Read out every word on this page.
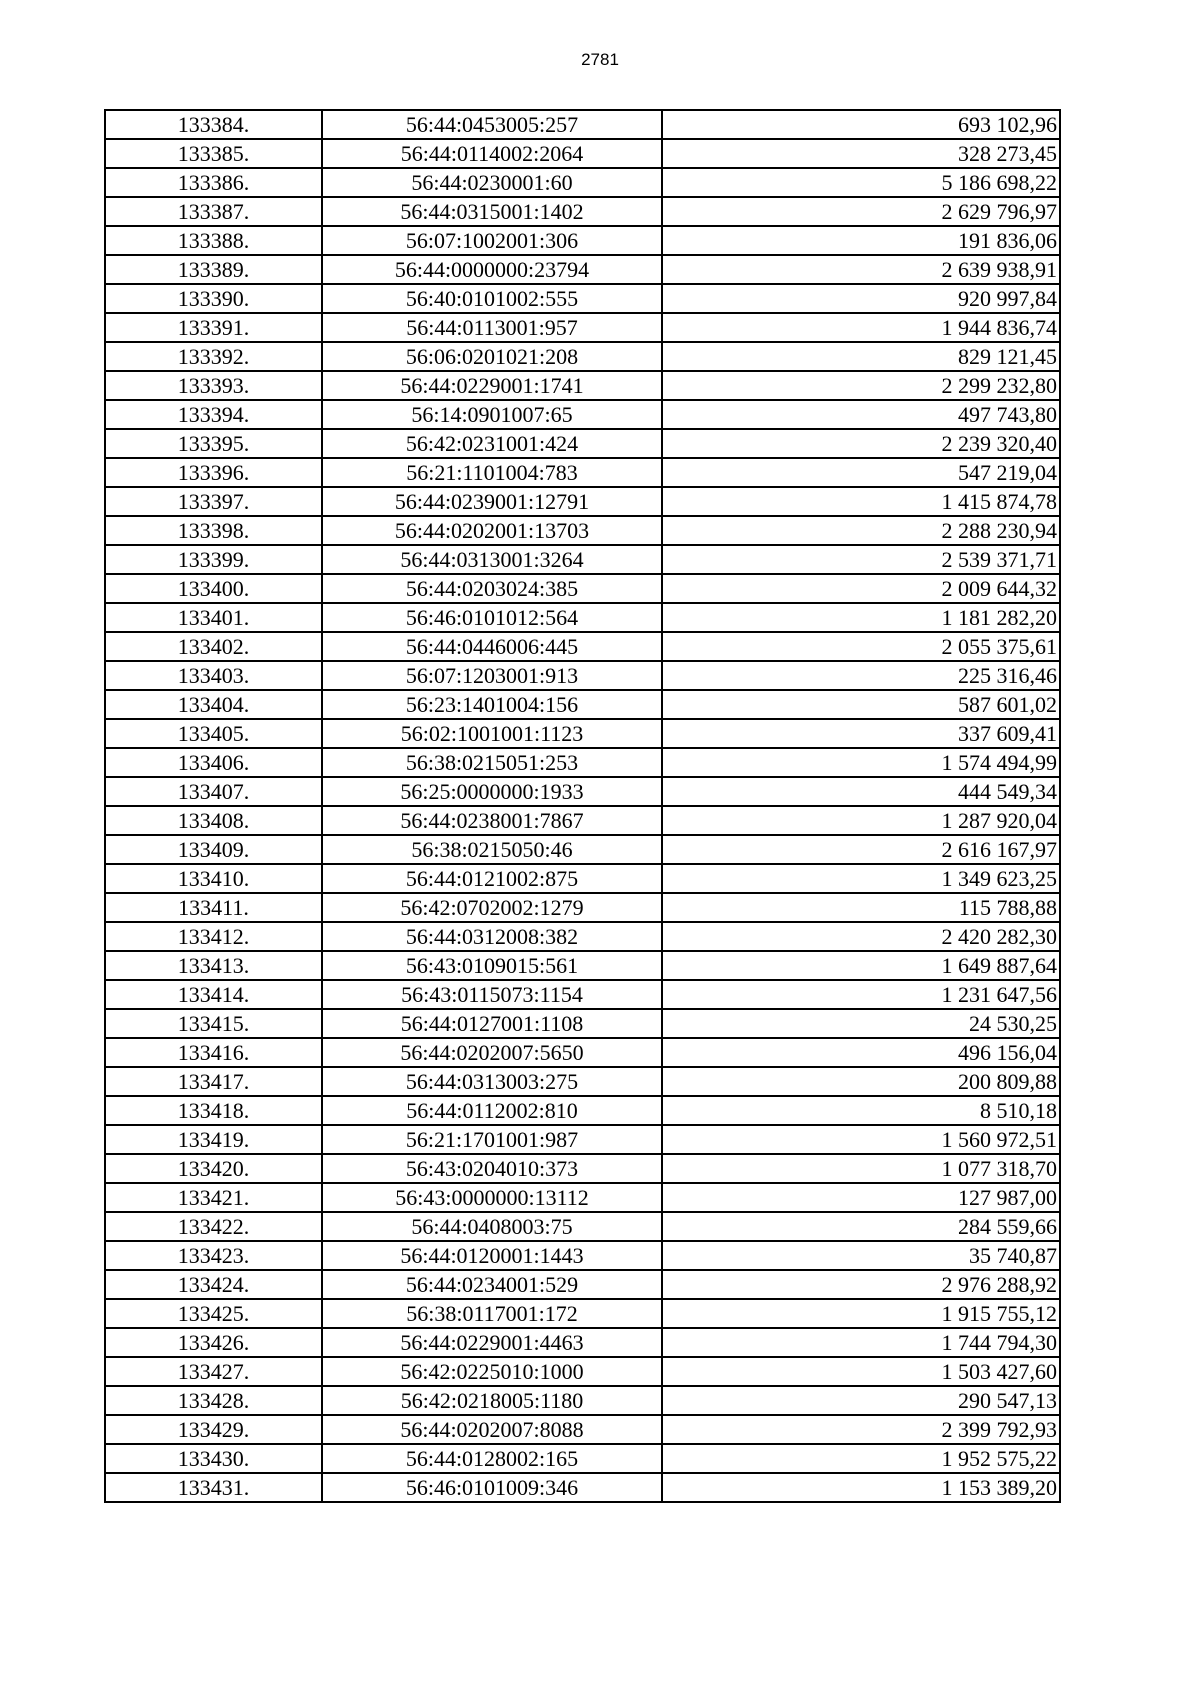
2781
133384.	56:44:0453005:257	693 102,96
133385.	56:44:0114002:2064	328 273,45
133386.	56:44:0230001:60	5 186 698,22
133387.	56:44:0315001:1402	2 629 796,97
133388.	56:07:1002001:306	191 836,06
133389.	56:44:0000000:23794	2 639 938,91
133390.	56:40:0101002:555	920 997,84
133391.	56:44:0113001:957	1 944 836,74
133392.	56:06:0201021:208	829 121,45
133393.	56:44:0229001:1741	2 299 232,80
133394.	56:14:0901007:65	497 743,80
133395.	56:42:0231001:424	2 239 320,40
133396.	56:21:1101004:783	547 219,04
133397.	56:44:0239001:12791	1 415 874,78
133398.	56:44:0202001:13703	2 288 230,94
133399.	56:44:0313001:3264	2 539 371,71
133400.	56:44:0203024:385	2 009 644,32
133401.	56:46:0101012:564	1 181 282,20
133402.	56:44:0446006:445	2 055 375,61
133403.	56:07:1203001:913	225 316,46
133404.	56:23:1401004:156	587 601,02
133405.	56:02:1001001:1123	337 609,41
133406.	56:38:0215051:253	1 574 494,99
133407.	56:25:0000000:1933	444 549,34
133408.	56:44:0238001:7867	1 287 920,04
133409.	56:38:0215050:46	2 616 167,97
133410.	56:44:0121002:875	1 349 623,25
133411.	56:42:0702002:1279	115 788,88
133412.	56:44:0312008:382	2 420 282,30
133413.	56:43:0109015:561	1 649 887,64
133414.	56:43:0115073:1154	1 231 647,56
133415.	56:44:0127001:1108	24 530,25
133416.	56:44:0202007:5650	496 156,04
133417.	56:44:0313003:275	200 809,88
133418.	56:44:0112002:810	8 510,18
133419.	56:21:1701001:987	1 560 972,51
133420.	56:43:0204010:373	1 077 318,70
133421.	56:43:0000000:13112	127 987,00
133422.	56:44:0408003:75	284 559,66
133423.	56:44:0120001:1443	35 740,87
133424.	56:44:0234001:529	2 976 288,92
133425.	56:38:0117001:172	1 915 755,12
133426.	56:44:0229001:4463	1 744 794,30
133427.	56:42:0225010:1000	1 503 427,60
133428.	56:42:0218005:1180	290 547,13
133429.	56:44:0202007:8088	2 399 792,93
133430.	56:44:0128002:165	1 952 575,22
133431.	56:46:0101009:346	1 153 389,20
